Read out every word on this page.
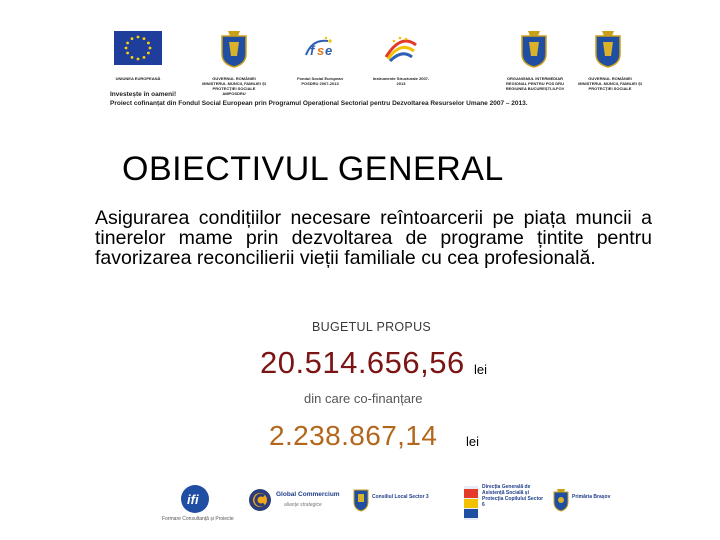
UNIUNEA EUROPEANĂ	GUVERNUL ROMÂNIEI MINISTERUL MUNCII, FAMILIEI ȘI PROTECȚIEI SOCIALE AMPOSDRU
f s e
Fondul Social European POSDRU 2007-2013
Instrumente Structurale 2007-2013
ORGANISMUL INTERMEDIAR REGIONAL PENTRU POS DRU REGIUNEA BUCUREȘTI-ILFOV
GUVERNUL ROMÂNIEI MINISTERUL MUNCII, FAMILIEI ȘI PROTECȚIEI SOCIALE
Investește în oameni!
Proiect cofinanțat din Fondul Social European prin Programul Operațional Sectorial pentru Dezvoltarea Resurselor Umane 2007 – 2013.
OBIECTIVUL GENERAL
Asigurarea condițiilor necesare reîntoarcerii pe piața muncii a tinerelor mame prin dezvoltarea de programe țintite pentru favorizarea reconcilierii vieții familiale cu cea profesională.
BUGETUL PROPUS
20.514.656,56 lei
din care co-finanțare
2.238.867,14 lei
ifi
Formare Consultanță și Proiecte
Global Commercium
alianțe strategice
Consiliul Local Sector 3
Direcția Generală de Asistență Socială și Protecția Copilului Sector 6
Primăria Brașov
